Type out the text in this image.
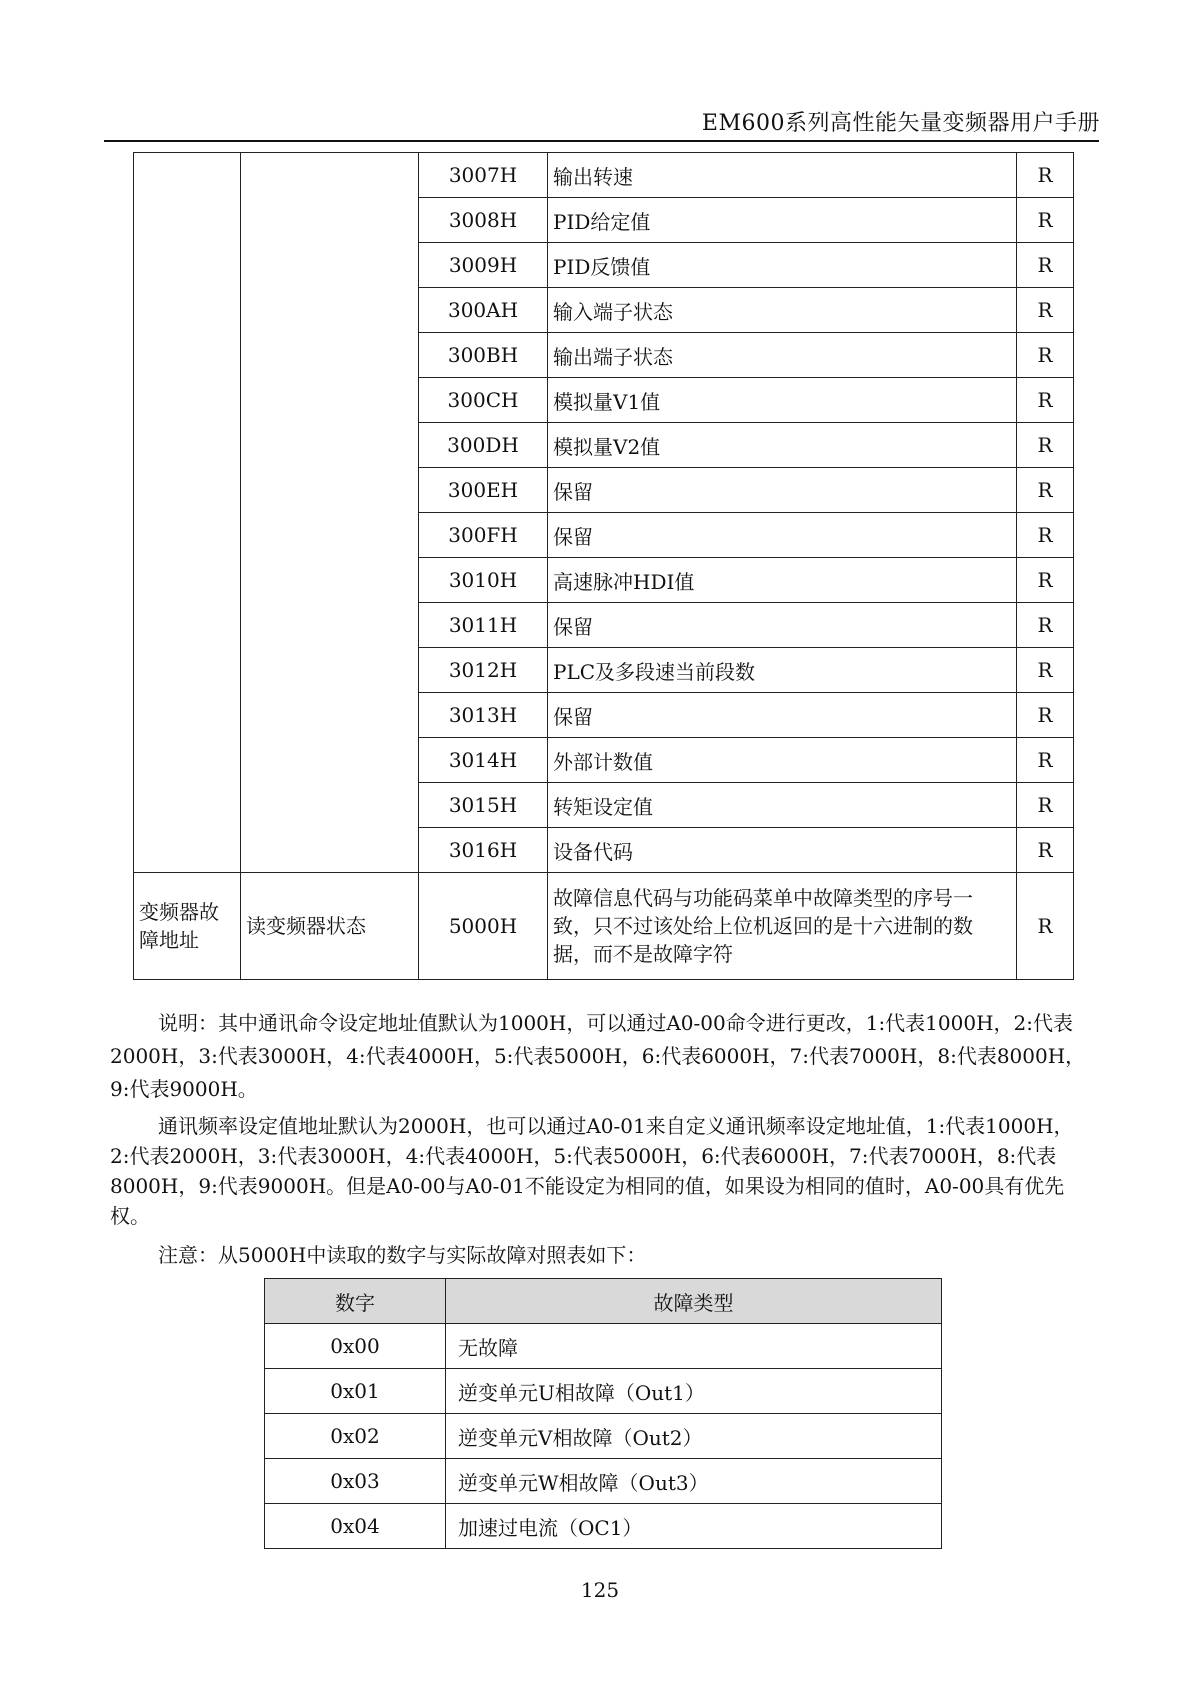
EM600系列高性能矢量变频器用户手册
		3007H	输出转速	R
		3008H	PID给定值	R
		3009H	PID反馈值	R
		300AH	输入端子状态	R
		300BH	输出端子状态	R
		300CH	模拟量V1值	R
		300DH	模拟量V2值	R
		300EH	保留	R
		300FH	保留	R
		3010H	高速脉冲HDI值	R
		3011H	保留	R
		3012H	PLC及多段速当前段数	R
		3013H	保留	R
		3014H	外部计数值	R
		3015H	转矩设定值	R
		3016H	设备代码	R
变频器故障地址	读变频器状态	5000H	故障信息代码与功能码菜单中故障类型的序号一致，只不过该处给上位机返回的是十六进制的数据，而不是故障字符	R

说明：其中通讯命令设定地址值默认为1000H，可以通过A0-00命令进行更改，1:代表1000H，2:代表2000H，3:代表3000H，4:代表4000H，5:代表5000H，6:代表6000H，7:代表7000H，8:代表8000H，9:代表9000H。

通讯频率设定值地址默认为2000H，也可以通过A0-01来自定义通讯频率设定地址值，1:代表1000H，2:代表2000H，3:代表3000H，4:代表4000H，5:代表5000H，6:代表6000H，7:代表7000H，8:代表8000H，9:代表9000H。但是A0-00与A0-01不能设定为相同的值，如果设为相同的值时，A0-00具有优先权。

注意：从5000H中读取的数字与实际故障对照表如下：

数字	故障类型
0x00	无故障
0x01	逆变单元U相故障（Out1）
0x02	逆变单元V相故障（Out2）
0x03	逆变单元W相故障（Out3）
0x04	加速过电流（OC1）
125
